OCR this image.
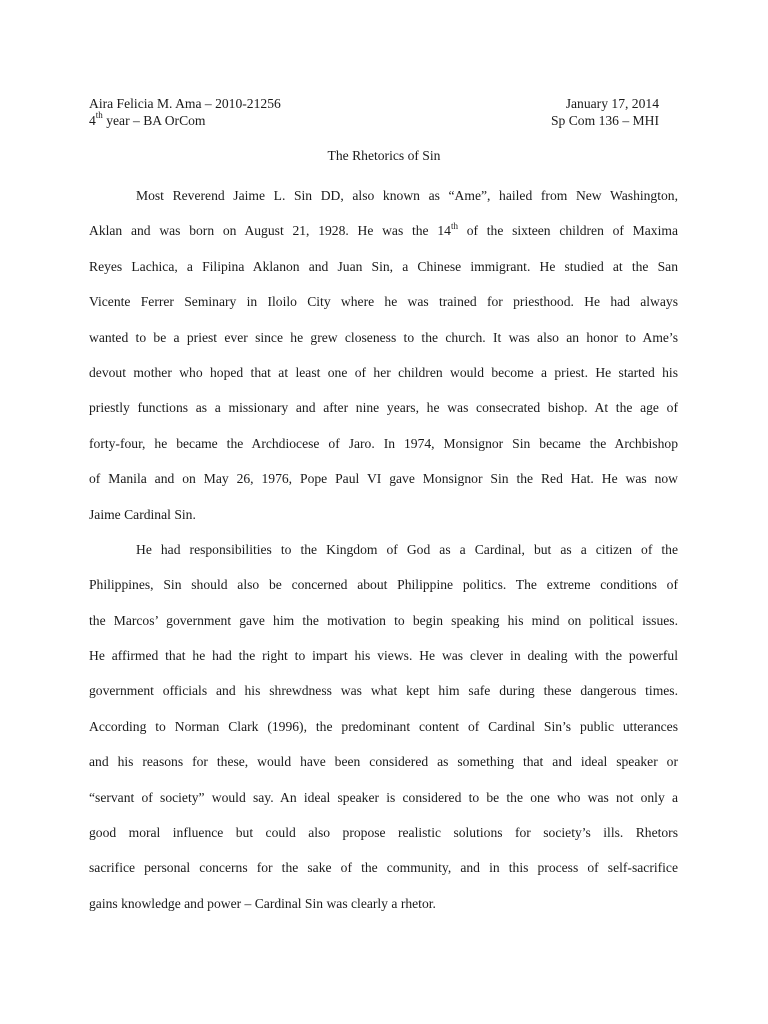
Aira Felicia M. Ama – 2010-21256	January 17, 2014
4th year – BA OrCom	Sp Com 136 – MHI
The Rhetorics of Sin
Most Reverend Jaime L. Sin DD, also known as “Ame”, hailed from New Washington,
Aklan and was born on August 21, 1928. He was the 14th of the sixteen children of Maxima
Reyes Lachica, a Filipina Aklanon and Juan Sin, a Chinese immigrant. He studied at the San
Vicente Ferrer Seminary in Iloilo City where he was trained for priesthood. He had always
wanted to be a priest ever since he grew closeness to the church. It was also an honor to Ame’s
devout mother who hoped that at least one of her children would become a priest. He started his
priestly functions as a missionary and after nine years, he was consecrated bishop. At the age of
forty-four, he became the Archdiocese of Jaro. In 1974, Monsignor Sin became the Archbishop
of Manila and on May 26, 1976, Pope Paul VI gave Monsignor Sin the Red Hat. He was now
Jaime Cardinal Sin.
He had responsibilities to the Kingdom of God as a Cardinal, but as a citizen of the
Philippines, Sin should also be concerned about Philippine politics. The extreme conditions of
the Marcos’ government gave him the motivation to begin speaking his mind on political issues.
He affirmed that he had the right to impart his views. He was clever in dealing with the powerful
government officials and his shrewdness was what kept him safe during these dangerous times.
According to Norman Clark (1996), the predominant content of Cardinal Sin’s public utterances
and his reasons for these, would have been considered as something that and ideal speaker or
“servant of society” would say. An ideal speaker is considered to be the one who was not only a
good moral influence but could also propose realistic solutions for society’s ills. Rhetors
sacrifice personal concerns for the sake of the community, and in this process of self-sacrifice
gains knowledge and power – Cardinal Sin was clearly a rhetor.
